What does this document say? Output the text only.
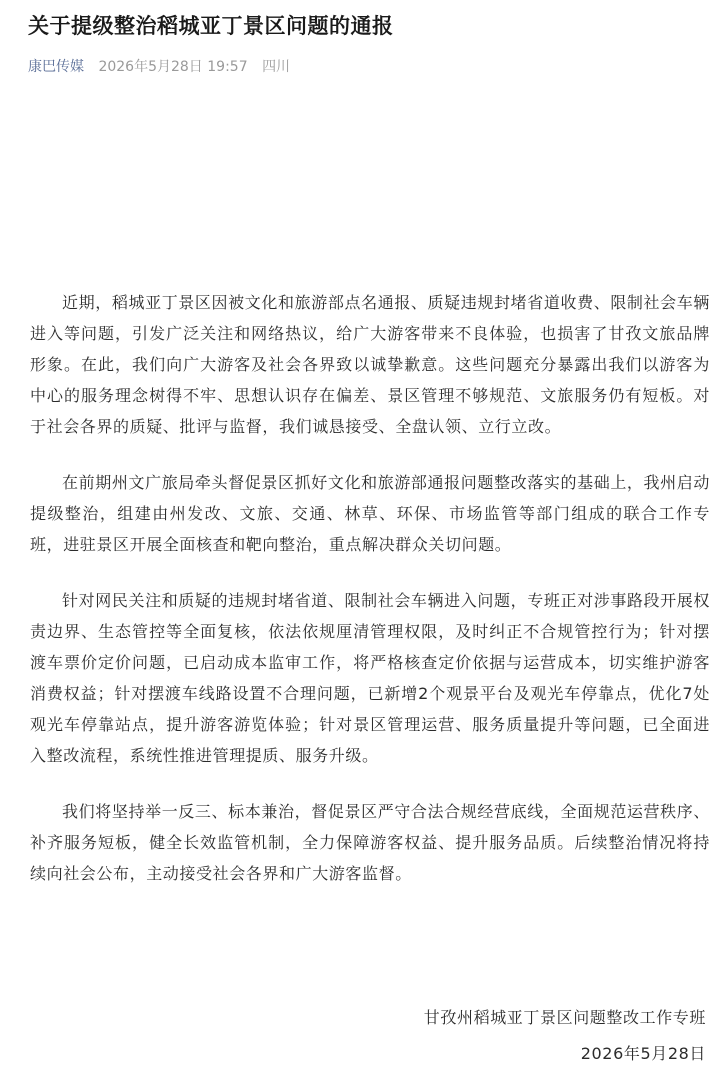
关于提级整治稻城亚丁景区问题的通报
康巴传媒 2026年5月28日 19:57 四川

近期，稻城亚丁景区因被文化和旅游部点名通报、质疑违规封堵省道收费、限制社会车辆进入等问题，引发广泛关注和网络热议，给广大游客带来不良体验，也损害了甘孜文旅品牌形象。在此，我们向广大游客及社会各界致以诚挚歉意。这些问题充分暴露出我们以游客为中心的服务理念树得不牢、思想认识存在偏差、景区管理不够规范、文旅服务仍有短板。对于社会各界的质疑、批评与监督，我们诚恳接受、全盘认领、立行立改。

在前期州文广旅局牵头督促景区抓好文化和旅游部通报问题整改落实的基础上，我州启动提级整治，组建由州发改、文旅、交通、林草、环保、市场监管等部门组成的联合工作专班，进驻景区开展全面核查和靶向整治，重点解决群众关切问题。

针对网民关注和质疑的违规封堵省道、限制社会车辆进入问题，专班正对涉事路段开展权责边界、生态管控等全面复核，依法依规厘清管理权限，及时纠正不合规管控行为；针对摆渡车票价定价问题，已启动成本监审工作，将严格核查定价依据与运营成本，切实维护游客消费权益；针对摆渡车线路设置不合理问题，已新增2个观景平台及观光车停靠点，优化7处观光车停靠站点，提升游客游览体验；针对景区管理运营、服务质量提升等问题，已全面进入整改流程，系统性推进管理提质、服务升级。

我们将坚持举一反三、标本兼治，督促景区严守合法合规经营底线，全面规范运营秩序、补齐服务短板，健全长效监管机制，全力保障游客权益、提升服务品质。后续整治情况将持续向社会公布，主动接受社会各界和广大游客监督。

甘孜州稻城亚丁景区问题整改工作专班
2026年5月28日
